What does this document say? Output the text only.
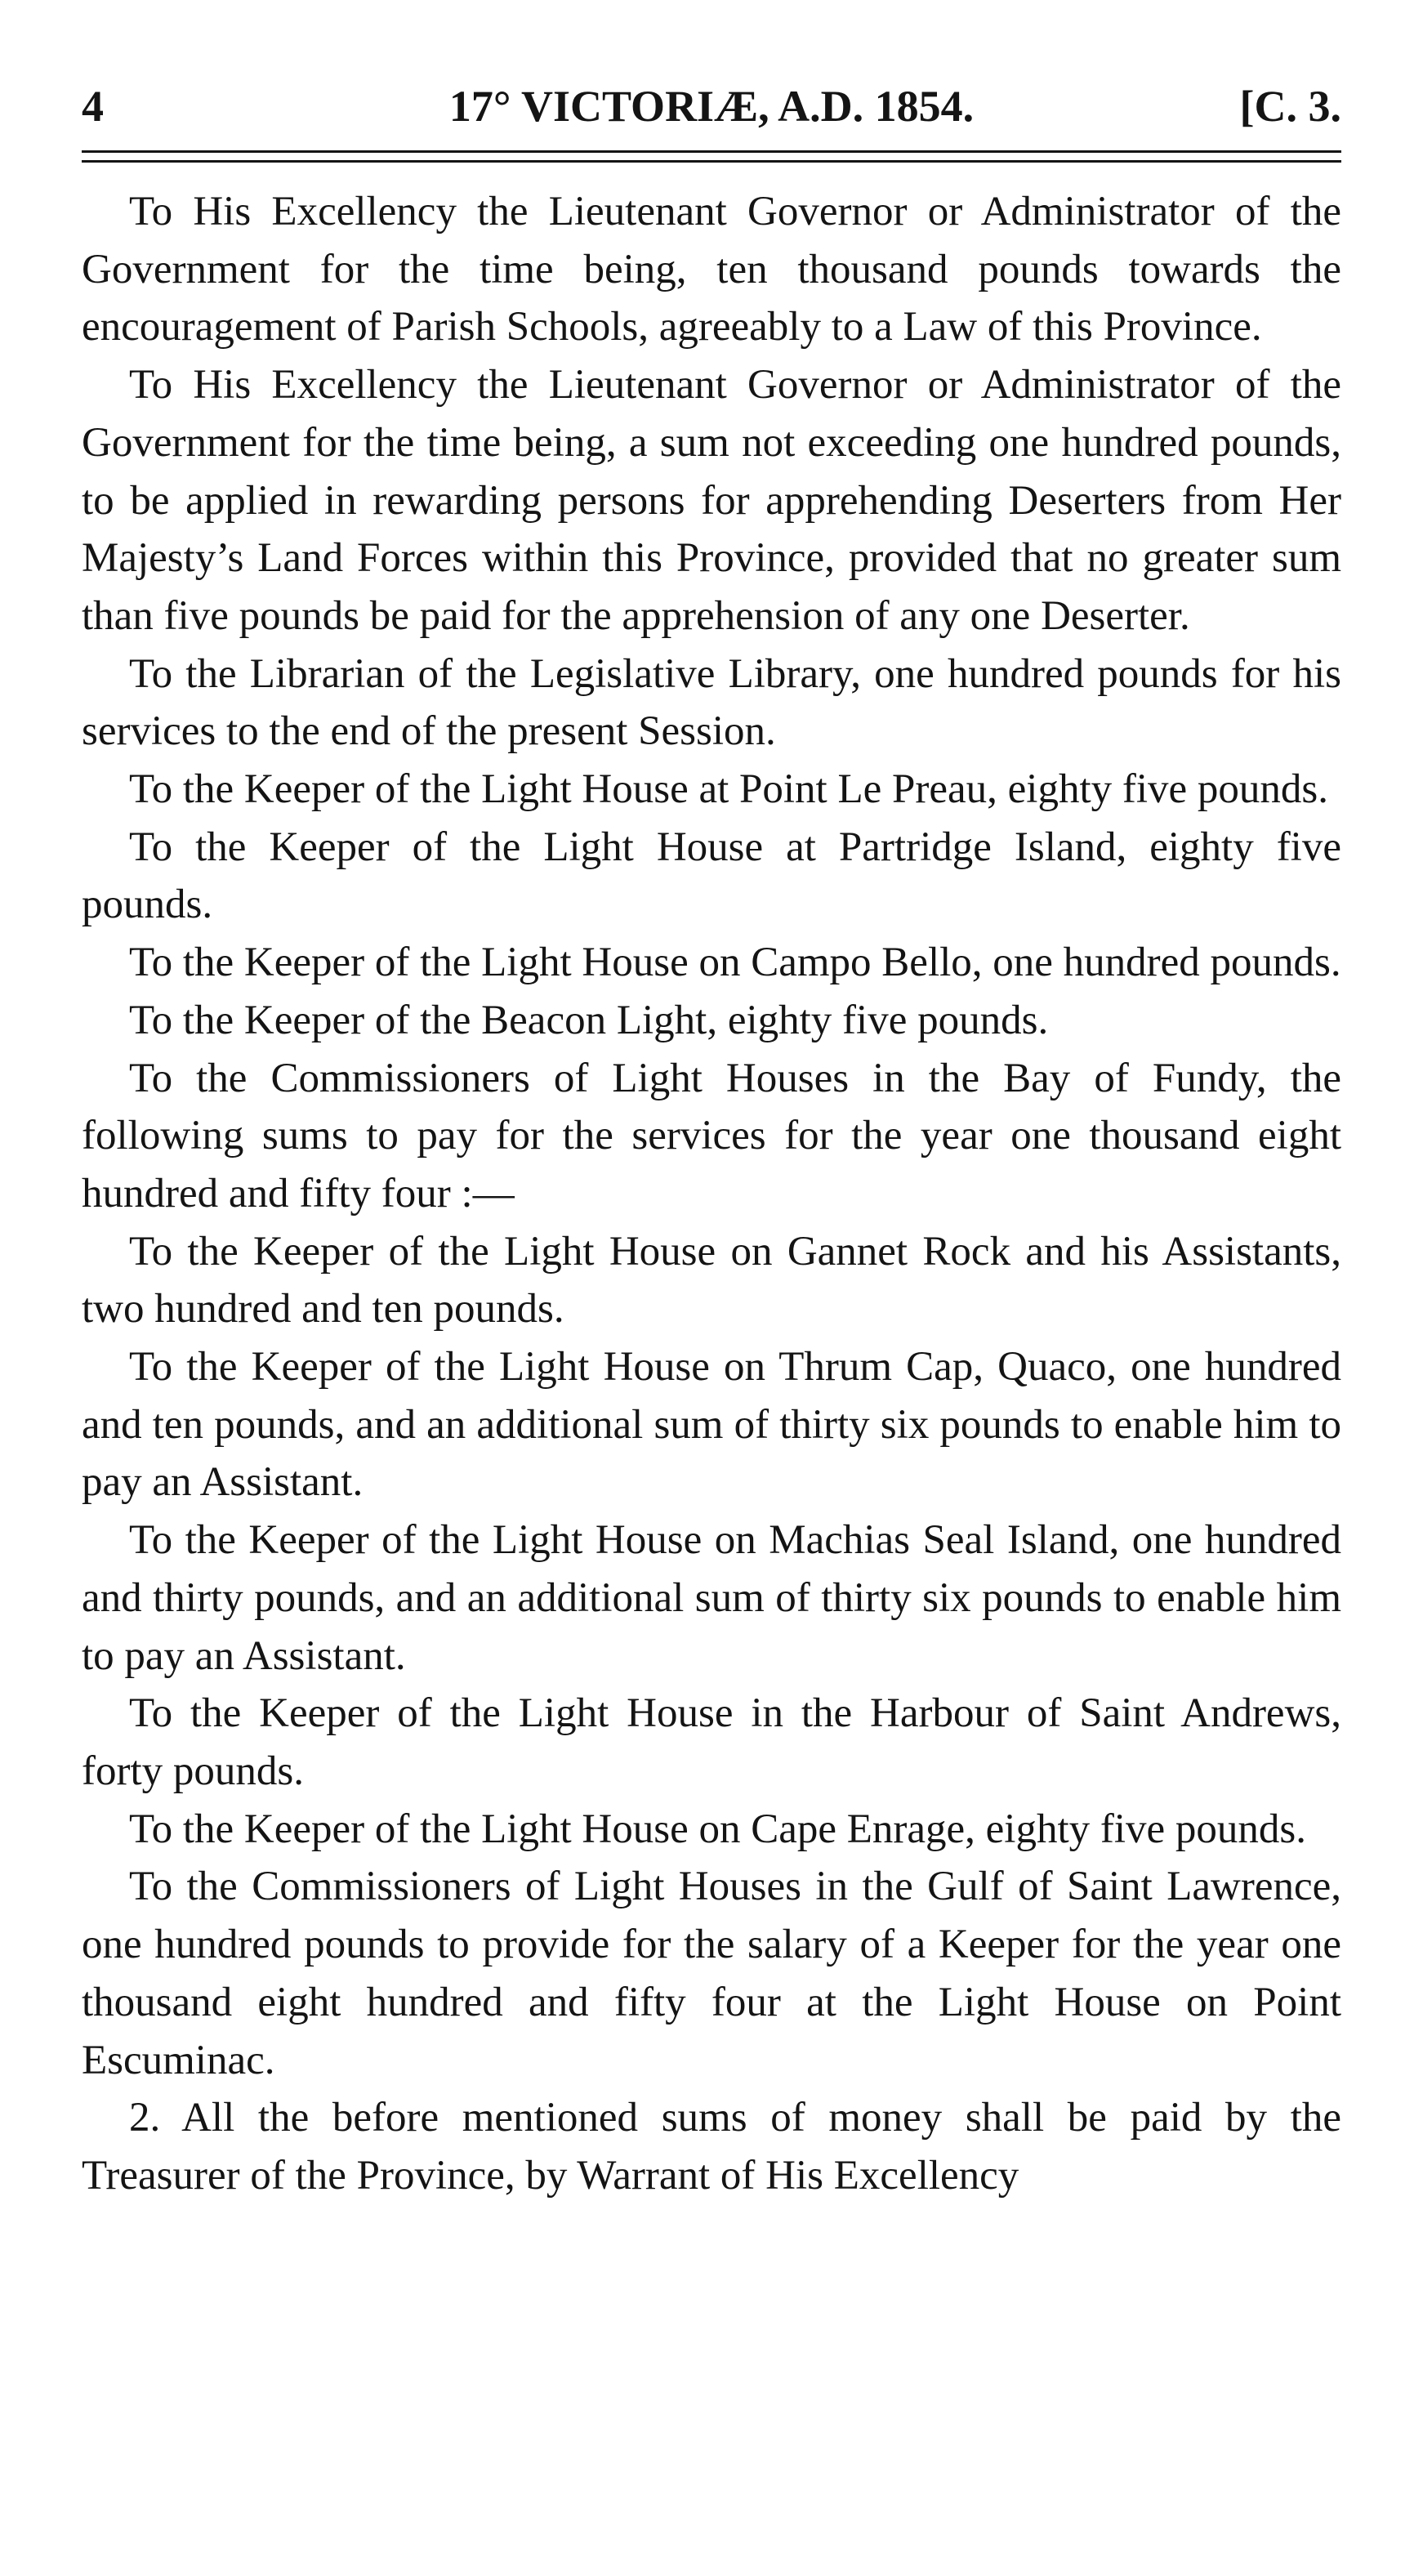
4	17° VICTORIÆ, A.D. 1854.	[C. 3.

To His Excellency the Lieutenant Governor or Administrator of the Government for the time being, ten thousand pounds towards the encouragement of Parish Schools, agreeably to a Law of this Province.

To His Excellency the Lieutenant Governor or Administrator of the Government for the time being, a sum not exceeding one hundred pounds, to be applied in rewarding persons for apprehending Deserters from Her Majesty’s Land Forces within this Province, provided that no greater sum than five pounds be paid for the apprehension of any one Deserter.

To the Librarian of the Legislative Library, one hundred pounds for his services to the end of the present Session.

To the Keeper of the Light House at Point Le Preau, eighty five pounds.

To the Keeper of the Light House at Partridge Island, eighty five pounds.

To the Keeper of the Light House on Campo Bello, one hundred pounds.

To the Keeper of the Beacon Light, eighty five pounds.

To the Commissioners of Light Houses in the Bay of Fundy, the following sums to pay for the services for the year one thousand eight hundred and fifty four :—

To the Keeper of the Light House on Gannet Rock and his Assistants, two hundred and ten pounds.

To the Keeper of the Light House on Thrum Cap, Quaco, one hundred and ten pounds, and an additional sum of thirty six pounds to enable him to pay an Assistant.

To the Keeper of the Light House on Machias Seal Island, one hundred and thirty pounds, and an additional sum of thirty six pounds to enable him to pay an Assistant.

To the Keeper of the Light House in the Harbour of Saint Andrews, forty pounds.

To the Keeper of the Light House on Cape Enrage, eighty five pounds.

To the Commissioners of Light Houses in the Gulf of Saint Lawrence, one hundred pounds to provide for the salary of a Keeper for the year one thousand eight hundred and fifty four at the Light House on Point Escuminac.

2. All the before mentioned sums of money shall be paid by the Treasurer of the Province, by Warrant of His Excellency
